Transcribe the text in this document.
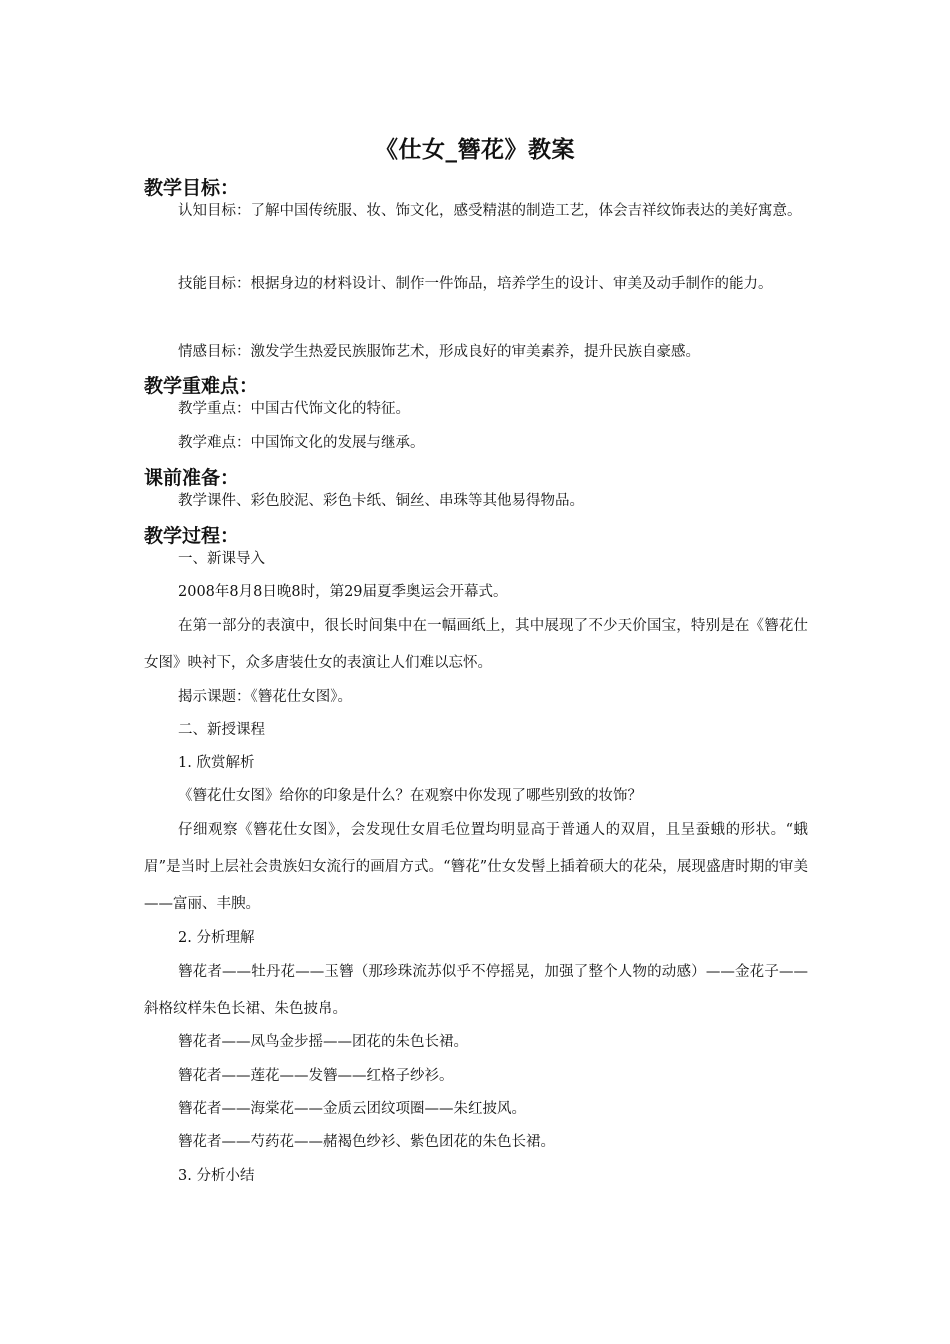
《仕女_簪花》教案
教学目标：

认知目标：了解中国传统服、妆、饰文化，感受精湛的制造工艺，体会吉祥纹饰表达的美好寓意。

技能目标：根据身边的材料设计、制作一件饰品，培养学生的设计、审美及动手制作的能力。

情感目标：激发学生热爱民族服饰艺术，形成良好的审美素养，提升民族自豪感。

教学重难点：

教学重点：中国古代饰文化的特征。

教学难点：中国饰文化的发展与继承。

课前准备：

教学课件、彩色胶泥、彩色卡纸、铜丝、串珠等其他易得物品。

教学过程：

一、新课导入

2008年8月8日晚8时，第29届夏季奥运会开幕式。

在第一部分的表演中，很长时间集中在一幅画纸上，其中展现了不少天价国宝，特别是在《簪花仕女图》映衬下，众多唐装仕女的表演让人们难以忘怀。

揭示课题：《簪花仕女图》。

二、新授课程

1. 欣赏解析

《簪花仕女图》给你的印象是什么？在观察中你发现了哪些别致的妆饰？

仔细观察《簪花仕女图》，会发现仕女眉毛位置均明显高于普通人的双眉，且呈蚕蛾的形状。“蛾眉”是当时上层社会贵族妇女流行的画眉方式。“簪花”仕女发髻上插着硕大的花朵，展现盛唐时期的审美——富丽、丰腴。

2. 分析理解

簪花者——牡丹花——玉簪（那珍珠流苏似乎不停摇晃，加强了整个人物的动感）——金花子——斜格纹样朱色长裙、朱色披帛。

簪花者——凤鸟金步摇——团花的朱色长裙。

簪花者——莲花——发簪——红格子纱衫。

簪花者——海棠花——金质云团纹项圈——朱红披风。

簪花者——芍药花——赭褐色纱衫、紫色团花的朱色长裙。

3. 分析小结
